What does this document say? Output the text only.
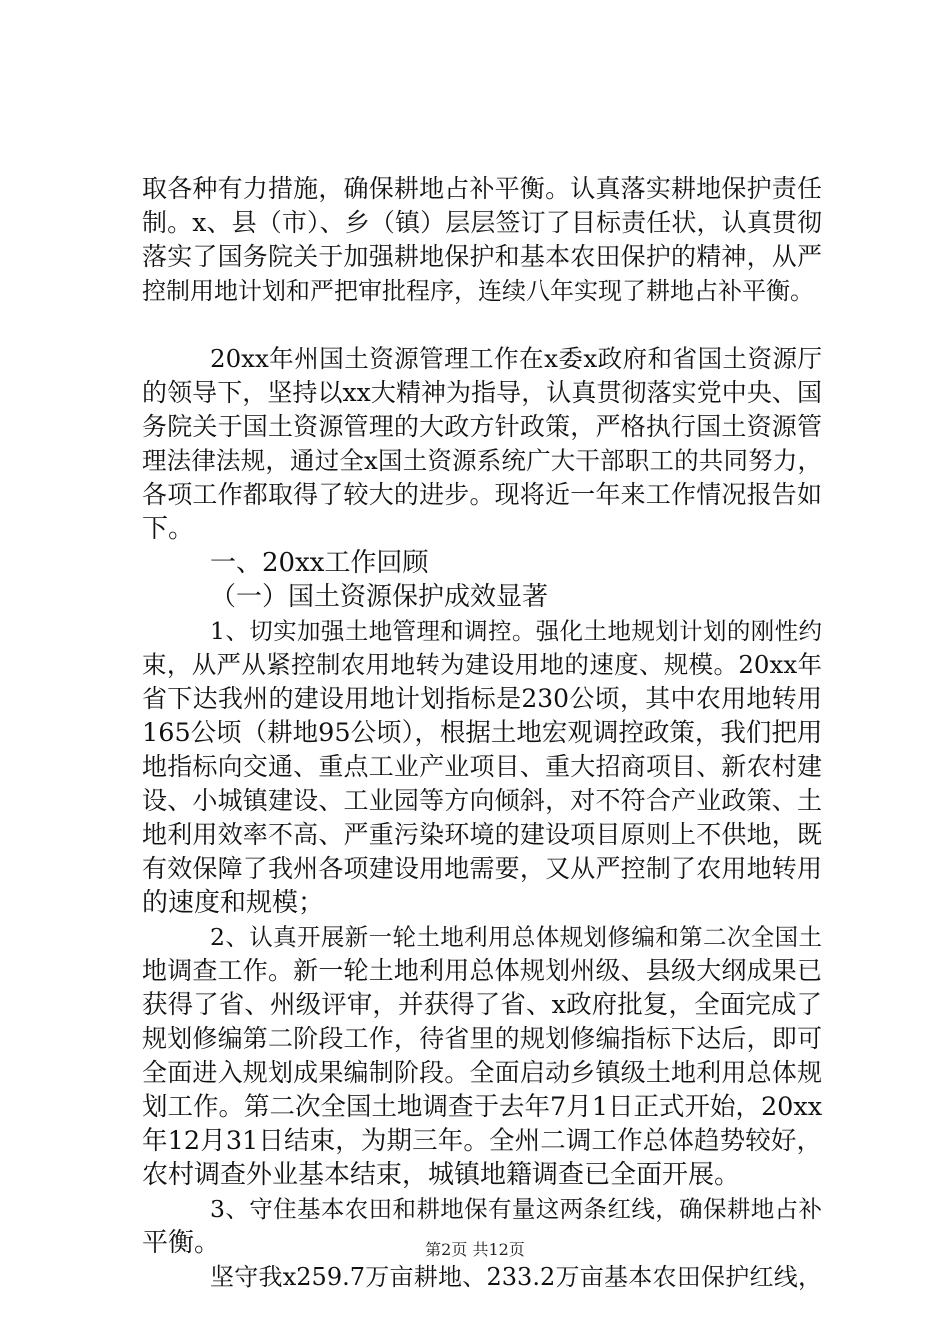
取各种有力措施，确保耕地占补平衡。认真落实耕地保护责任
制。x、县（市）、乡（镇）层层签订了目标责任状，认真贯彻
落实了国务院关于加强耕地保护和基本农田保护的精神，从严
控制用地计划和严把审批程序，连续八年实现了耕地占补平衡。
20xx年州国土资源管理工作在x委x政府和省国土资源厅
的领导下，坚持以xx大精神为指导，认真贯彻落实党中央、国
务院关于国土资源管理的大政方针政策，严格执行国土资源管
理法律法规，通过全x国土资源系统广大干部职工的共同努力，
各项工作都取得了较大的进步。现将近一年来工作情况报告如
下。
一、20xx工作回顾
（一）国土资源保护成效显著
1、切实加强土地管理和调控。强化土地规划计划的刚性约
束，从严从紧控制农用地转为建设用地的速度、规模。20xx年
省下达我州的建设用地计划指标是230公顷，其中农用地转用
165公顷（耕地95公顷），根据土地宏观调控政策，我们把用
地指标向交通、重点工业产业项目、重大招商项目、新农村建
设、小城镇建设、工业园等方向倾斜，对不符合产业政策、土
地利用效率不高、严重污染环境的建设项目原则上不供地，既
有效保障了我州各项建设用地需要，又从严控制了农用地转用
的速度和规模；
2、认真开展新一轮土地利用总体规划修编和第二次全国土
地调查工作。新一轮土地利用总体规划州级、县级大纲成果已
获得了省、州级评审，并获得了省、x政府批复，全面完成了
规划修编第二阶段工作，待省里的规划修编指标下达后，即可
全面进入规划成果编制阶段。全面启动乡镇级土地利用总体规
划工作。第二次全国土地调查于去年7月1日正式开始，20xx
年12月31日结束，为期三年。全州二调工作总体趋势较好，
农村调查外业基本结束，城镇地籍调查已全面开展。
3、守住基本农田和耕地保有量这两条红线，确保耕地占补
平衡。
坚守我x259.7万亩耕地、233.2万亩基本农田保护红线，
第2页 共12页
